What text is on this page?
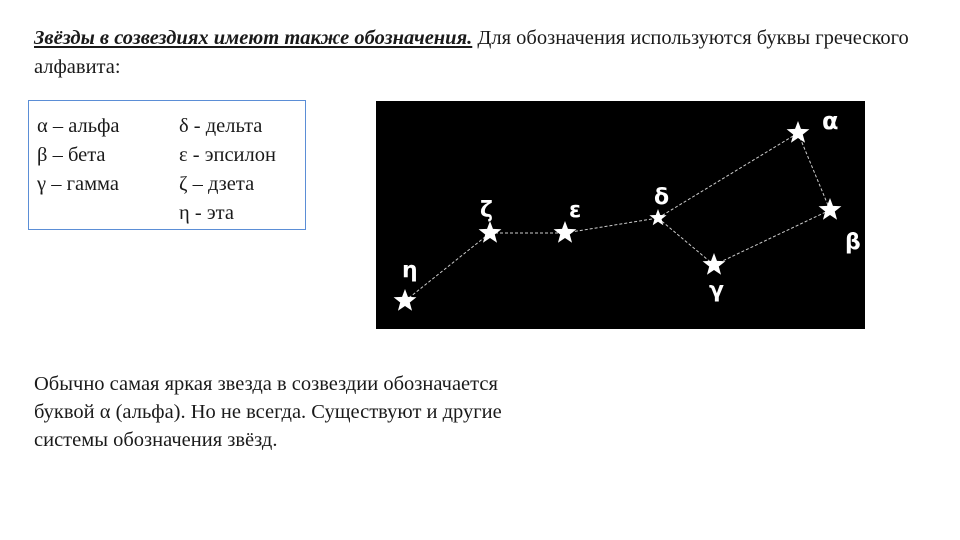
Звёзды в созвездиях имеют также обозначения. Для обозначения используются буквы греческого алфавита:
α – альфа
β – бета
γ – гамма
δ - дельта
ε - эпсилон
ζ – дзета
η - эта
α
β
γ
δ
ε
ζ
η
Обычно самая яркая звезда в созвездии обозначается буквой α (альфа). Но не всегда. Существуют и другие системы обозначения звёзд.
